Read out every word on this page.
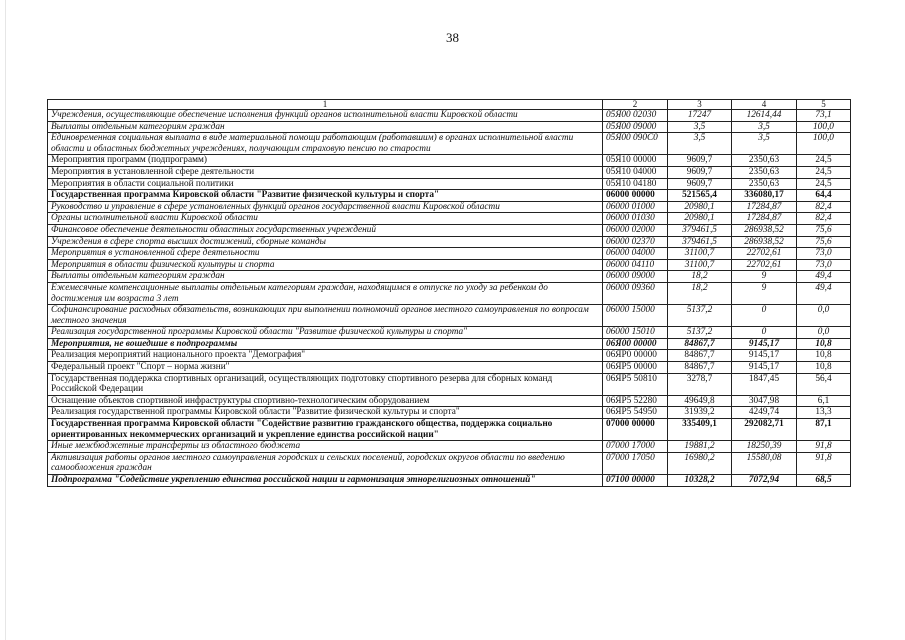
38
1	2	3	4	5
Учреждения, осуществляющие обеспечение исполнения функций органов исполнительной власти Кировской области	05Я00 02030	17247	12614,44	73,1
Выплаты отдельным категориям граждан	05Я00 09000	3,5	3,5	100,0
Единовременная социальная выплата в виде материальной помощи работающим (работавшим) в органах исполнительной власти области и областных бюджетных учреждениях, получающим страховую пенсию по старости	05Я00 090С0	3,5	3,5	100,0
Мероприятия программ (подпрограмм)	05Я10 00000	9609,7	2350,63	24,5
Мероприятия в установленной сфере деятельности	05Я10 04000	9609,7	2350,63	24,5
Мероприятия в области социальной политики	05Я10 04180	9609,7	2350,63	24,5
Государственная программа Кировской области "Развитие физической культуры и спорта"	06000 00000	521565,4	336080,17	64,4
Руководство и управление в сфере установленных функций органов государственной власти Кировской области	06000 01000	20980,1	17284,87	82,4
Органы исполнительной власти Кировской области	06000 01030	20980,1	17284,87	82,4
Финансовое обеспечение деятельности областных государственных учреждений	06000 02000	379461,5	286938,52	75,6
Учреждения в сфере спорта высших достижений, сборные команды	06000 02370	379461,5	286938,52	75,6
Мероприятия в установленной сфере деятельности	06000 04000	31100,7	22702,61	73,0
Мероприятия в области физической культуры и спорта	06000 04110	31100,7	22702,61	73,0
Выплаты отдельным категориям граждан	06000 09000	18,2	9	49,4
Ежемесячные компенсационные выплаты отдельным категориям граждан, находящимся в отпуске по уходу за ребенком до достижения им возраста 3 лет	06000 09360	18,2	9	49,4
Софинансирование расходных обязательств, возникающих при выполнении полномочий органов местного самоуправления по вопросам местного значения	06000 15000	5137,2	0	0,0
Реализация государственной программы Кировской области "Развитие физической культуры и спорта"	06000 15010	5137,2	0	0,0
Мероприятия, не вошедшие в подпрограммы	06Я00 00000	84867,7	9145,17	10,8
Реализация мероприятий национального проекта "Демография"	06ЯР0 00000	84867,7	9145,17	10,8
Федеральный проект "Спорт – норма жизни"	06ЯР5 00000	84867,7	9145,17	10,8
Государственная поддержка спортивных организаций, осуществляющих подготовку спортивного резерва для сборных команд Российской Федерации	06ЯР5 50810	3278,7	1847,45	56,4
Оснащение объектов спортивной инфраструктуры спортивно-технологическим оборудованием	06ЯР5 52280	49649,8	3047,98	6,1
Реализация государственной программы Кировской области "Развитие физической культуры и спорта"	06ЯР5 54950	31939,2	4249,74	13,3
Государственная программа Кировской области "Содействие развитию гражданского общества, поддержка социально ориентированных некоммерческих организаций и укрепление единства российской нации"	07000 00000	335409,1	292082,71	87,1
Иные межбюджетные трансферты из областного бюджета	07000 17000	19881,2	18250,39	91,8
Активизация работы органов местного самоуправления городских и сельских поселений, городских округов области по введению самообложения граждан	07000 17050	16980,2	15580,08	91,8
Подпрограмма "Содействие укреплению единства российской нации и гармонизация этнорелигиозных отношений"	07100 00000	10328,2	7072,94	68,5
